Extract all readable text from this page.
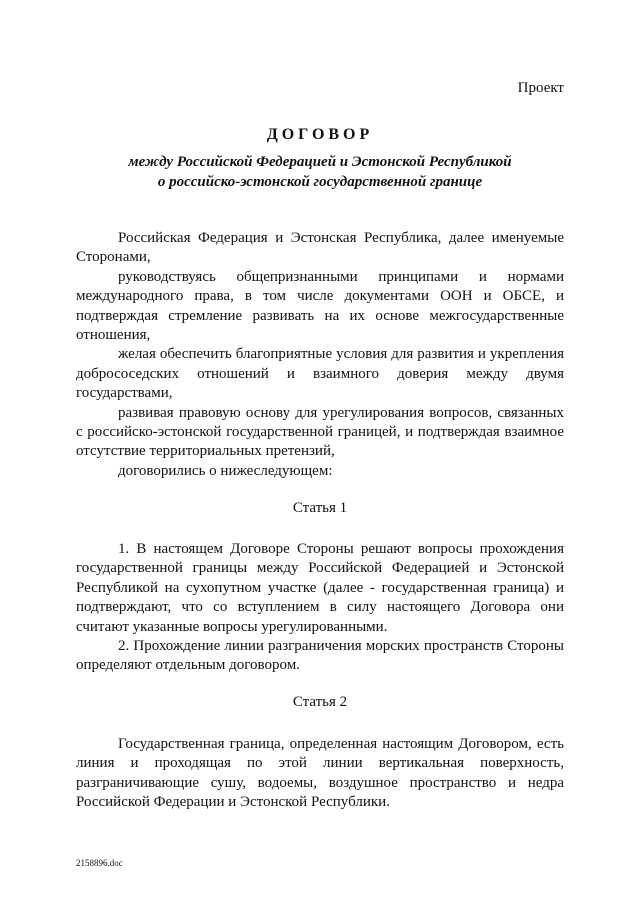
Проект
ДОГОВОР
между Российской Федерацией и Эстонской Республикой
о российско-эстонской государственной границе

Российская Федерация и Эстонская Республика, далее именуемые Сторонами,

руководствуясь общепризнанными принципами и нормами международного права, в том числе документами ООН и ОБСЕ, и подтверждая стремление развивать на их основе межгосударственные отношения,

желая обеспечить благоприятные условия для развития и укрепления добрососедских отношений и взаимного доверия между двумя государствами,

развивая правовую основу для урегулирования вопросов, связанных с российско-эстонской государственной границей, и подтверждая взаимное отсутствие территориальных претензий,

договорились о нижеследующем:

Статья 1

1. В настоящем Договоре Стороны решают вопросы прохождения государственной границы между Российской Федерацией и Эстонской Республикой на сухопутном участке (далее - государственная граница) и подтверждают, что со вступлением в силу настоящего Договора они считают указанные вопросы урегулированными.

2. Прохождение линии разграничения морских пространств Стороны определяют отдельным договором.

Статья 2

Государственная граница, определенная настоящим Договором, есть линия и проходящая по этой линии вертикальная поверхность, разграничивающие сушу, водоемы, воздушное пространство и недра Российской Федерации и Эстонской Республики.

2158896.doc
